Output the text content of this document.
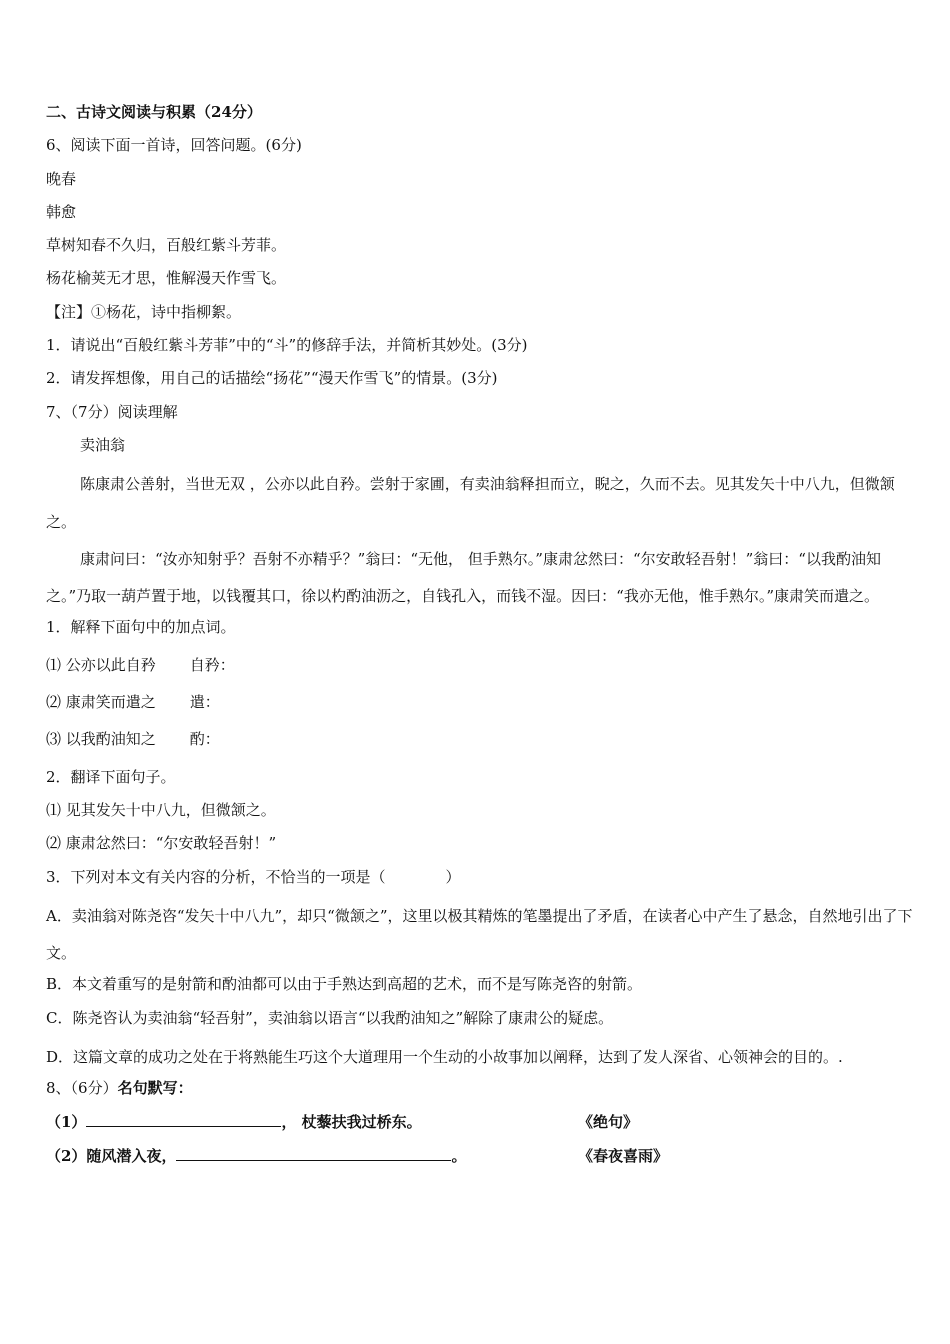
二、古诗文阅读与积累（24分）
6、阅读下面一首诗，回答问题。(6分)
晚春
韩愈
草树知春不久归，百般红紫斗芳菲。
杨花榆荚无才思，惟解漫天作雪飞。
【注】①杨花，诗中指柳絮。
1．请说出“百般红紫斗芳菲”中的“斗”的修辞手法，并简析其妙处。(3分)
2．请发挥想像，用自己的话描绘“扬花”“漫天作雪飞”的情景。(3分)
7、（7分）阅读理解
卖油翁
陈康肃公善射，当世无双 ，公亦以此自矜。尝射于家圃，有卖油翁释担而立，睨之，久而不去。见其发矢十中八九，但微颔之。
康肃问曰：“汝亦知射乎？吾射不亦精乎？”翁曰：“无他， 但手熟尔。”康肃忿然曰：“尔安敢轻吾射！”翁曰：“以我酌油知之。”乃取一葫芦置于地，以钱覆其口，徐以杓酌油沥之，自钱孔入，而钱不湿。因曰：“我亦无他，惟手熟尔。”康肃笑而遣之。
1．解释下面句中的加点词。
⑴ 公亦以此自矜 自矜：
⑵ 康肃笑而遣之 遣：
⑶ 以我酌油知之 酌：
2．翻译下面句子。
⑴ 见其发矢十中八九，但微颔之。
⑵ 康肃忿然曰：“尔安敢轻吾射！”
3．下列对本文有关内容的分析，不恰当的一项是（	）
A．卖油翁对陈尧咨“发矢十中八九”，却只“微颔之”，这里以极其精炼的笔墨提出了矛盾，在读者心中产生了悬念，自然地引出了下文。
B．本文着重写的是射箭和酌油都可以由于手熟达到高超的艺术，而不是写陈尧咨的射箭。
C．陈尧咨认为卖油翁“轻吾射”，卖油翁以语言“以我酌油知之”解除了康肃公的疑虑。
D．这篇文章的成功之处在于将熟能生巧这个大道理用一个生动的小故事加以阐释，达到了发人深省、心领神会的目的。.
8、（6分）名句默写：
（1）	， 杖藜扶我过桥东。	《绝句》
（2）随风潜入夜，	。	《春夜喜雨》
